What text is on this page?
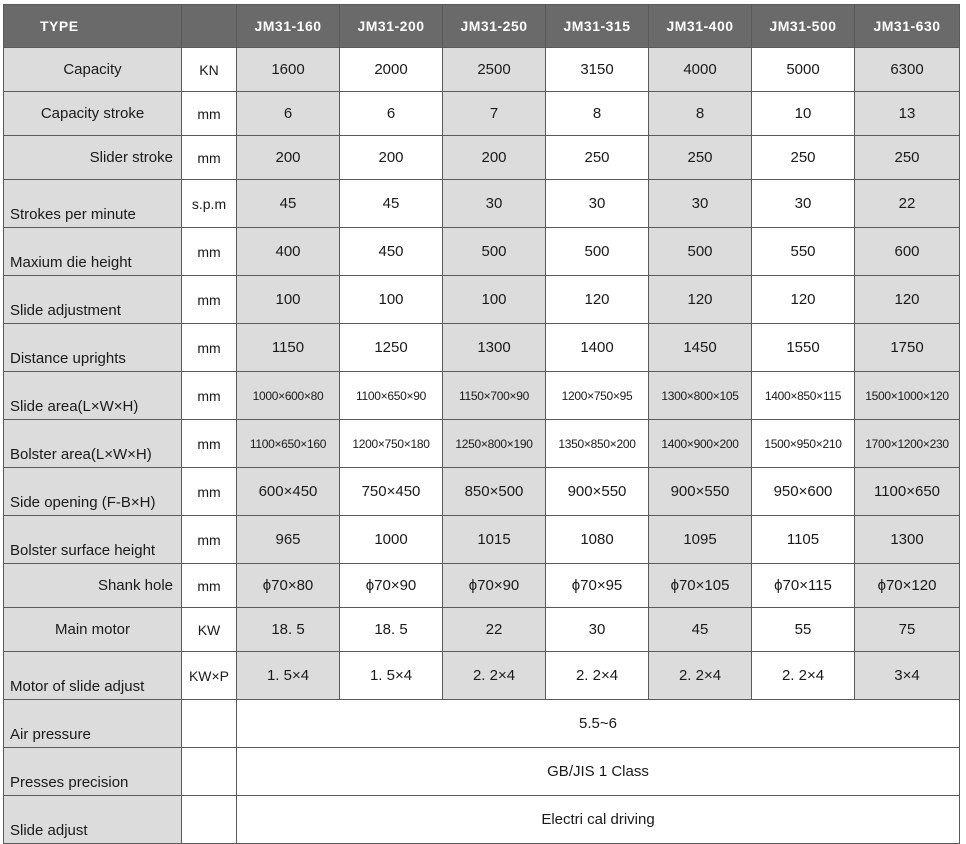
TYPE		JM31-160	JM31-200	JM31-250	JM31-315	JM31-400	JM31-500	JM31-630
Capacity	KN	1600	2000	2500	3150	4000	5000	6300
Capacity stroke	mm	6	6	7	8	8	10	13
Slider stroke	mm	200	200	200	250	250	250	250
Strokes per minute	s.p.m	45	45	30	30	30	30	22
Maxium die height	mm	400	450	500	500	500	550	600
Slide adjustment	mm	100	100	100	120	120	120	120
Distance uprights	mm	1150	1250	1300	1400	1450	1550	1750
Slide area(L×W×H)	mm	1000×600×80	1100×650×90	1150×700×90	1200×750×95	1300×800×105	1400×850×115	1500×1000×120
Bolster area(L×W×H)	mm	1100×650×160	1200×750×180	1250×800×190	1350×850×200	1400×900×200	1500×950×210	1700×1200×230
Side opening (F-B×H)	mm	600×450	750×450	850×500	900×550	900×550	950×600	1100×650
Bolster surface height	mm	965	1000	1015	1080	1095	1105	1300
Shank hole	mm	ϕ70×80	ϕ70×90	ϕ70×90	ϕ70×95	ϕ70×105	ϕ70×115	ϕ70×120
Main motor	KW	18. 5	18. 5	22	30	45	55	75
Motor of slide adjust	KW×P	1. 5×4	1. 5×4	2. 2×4	2. 2×4	2. 2×4	2. 2×4	3×4
Air pressure		5.5~6						
Presses precision		GB/JIS 1 Class						
Slide adjust		Electri cal driving						
